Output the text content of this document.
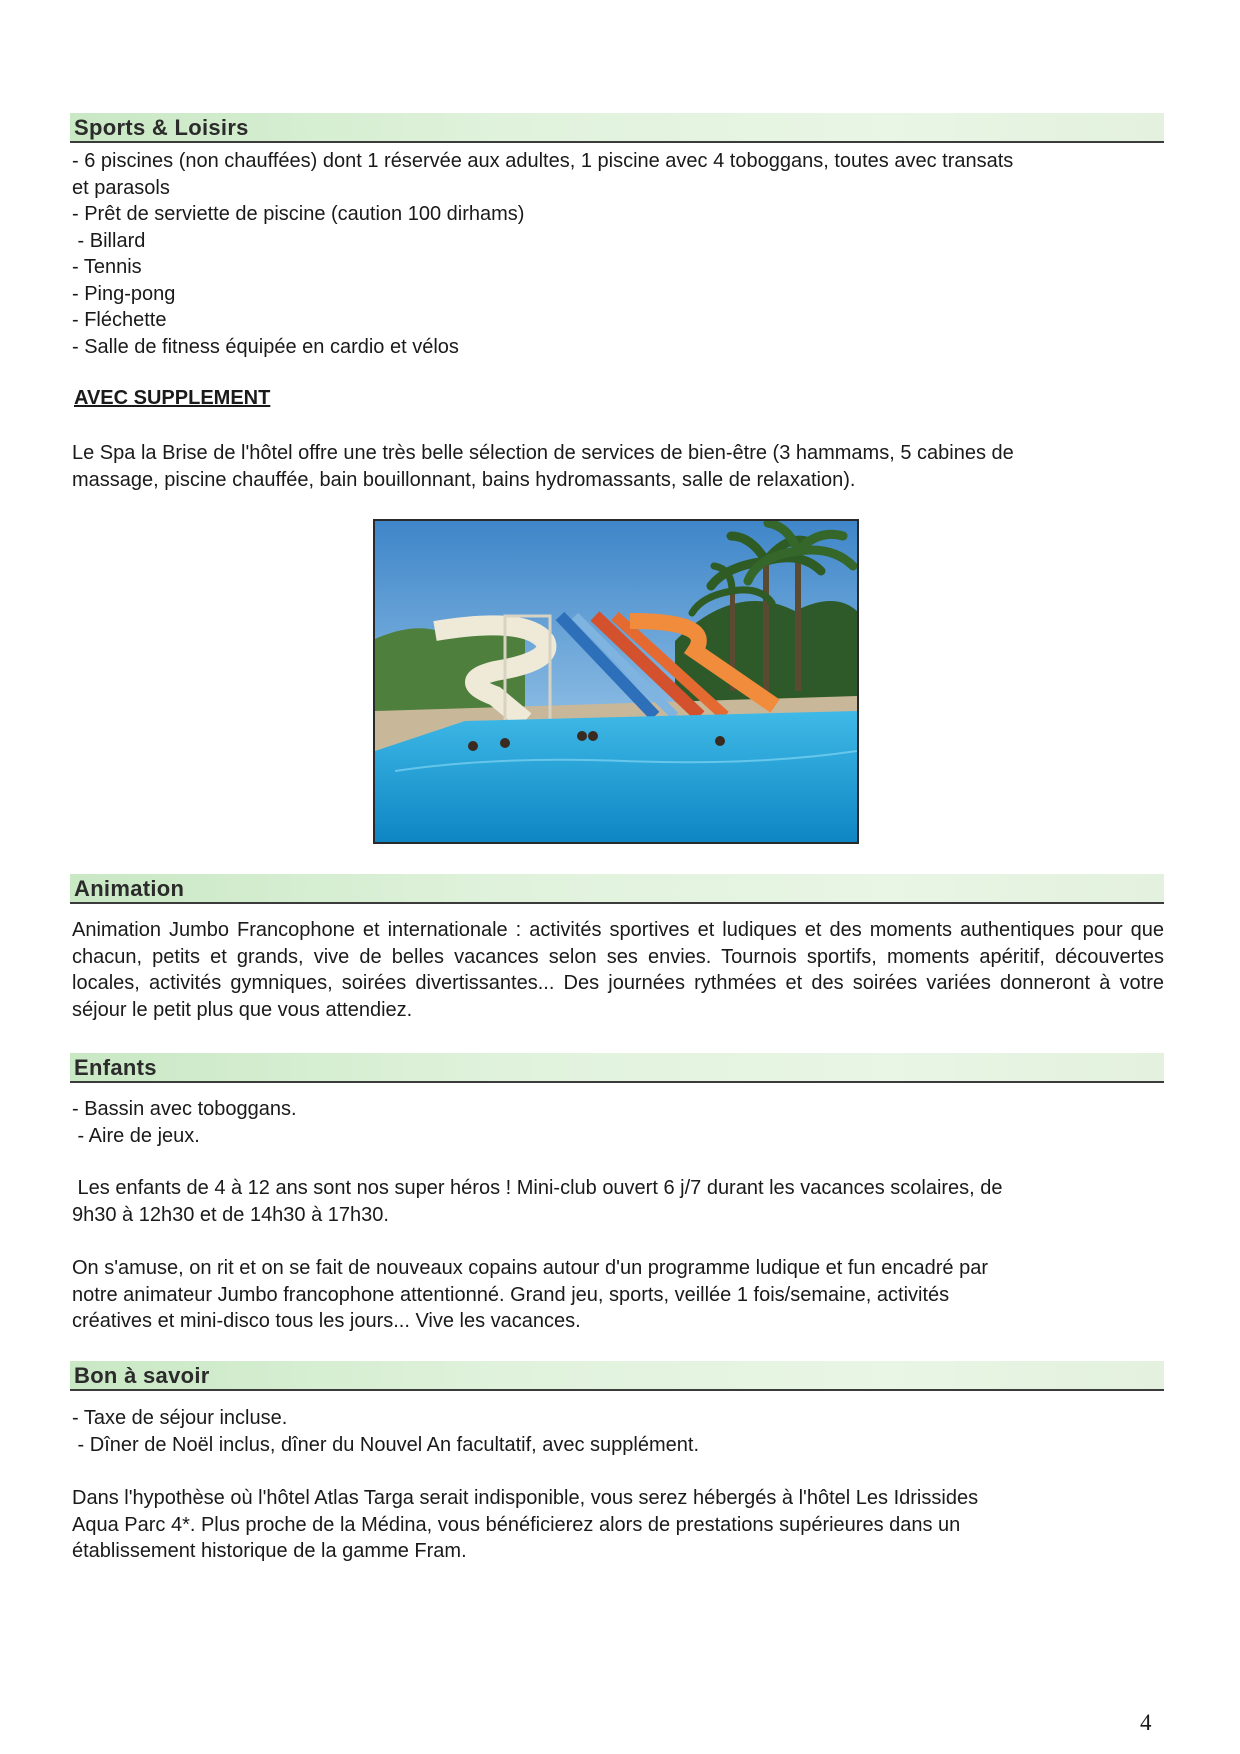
Sports & Loisirs
- 6 piscines (non chauffées) dont 1 réservée aux adultes, 1 piscine avec 4 toboggans, toutes avec transats
et parasols
- Prêt de serviette de piscine (caution 100 dirhams)
- Billard
- Tennis
- Ping-pong
- Fléchette
- Salle de fitness équipée en cardio et vélos
AVEC SUPPLEMENT
Le Spa la Brise de l'hôtel offre une très belle sélection de services de bien-être (3 hammams, 5 cabines de
massage, piscine chauffée, bain bouillonnant, bains hydromassants, salle de relaxation).
Animation
Animation Jumbo Francophone et internationale : activités sportives et ludiques et des moments authentiques pour que chacun, petits et grands, vive de belles vacances selon ses envies. Tournois sportifs, moments apéritif, découvertes locales, activités gymniques, soirées divertissantes... Des journées rythmées et des soirées variées donneront à votre séjour le petit plus que vous attendiez.
Enfants
- Bassin avec toboggans.
- Aire de jeux.
Les enfants de 4 à 12 ans sont nos super héros ! Mini-club ouvert 6 j/7 durant les vacances scolaires, de
9h30 à 12h30 et de 14h30 à 17h30.
On s'amuse, on rit et on se fait de nouveaux copains autour d'un programme ludique et fun encadré par
notre animateur Jumbo francophone attentionné. Grand jeu, sports, veillée 1 fois/semaine, activités
créatives et mini-disco tous les jours... Vive les vacances.
Bon à savoir
- Taxe de séjour incluse.
- Dîner de Noël inclus, dîner du Nouvel An facultatif, avec supplément.
Dans l'hypothèse où l'hôtel Atlas Targa serait indisponible, vous serez hébergés à l'hôtel Les Idrissides
Aqua Parc 4*. Plus proche de la Médina, vous bénéficierez alors de prestations supérieures dans un
établissement historique de la gamme Fram.
4
